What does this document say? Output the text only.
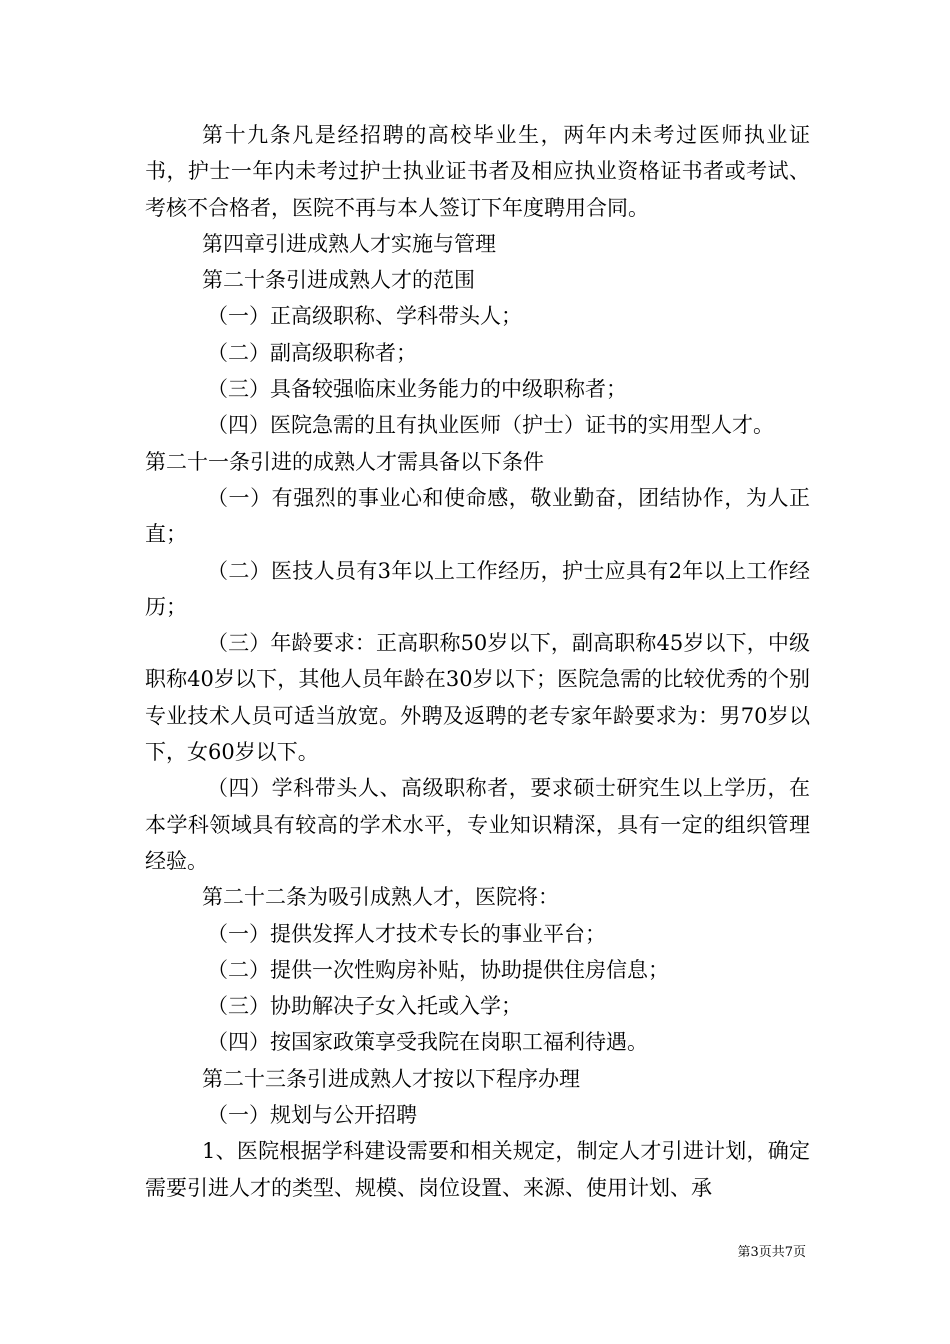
第十九条凡是经招聘的高校毕业生，两年内未考过医师执业证书，护士一年内未考过护士执业证书者及相应执业资格证书者或考试、考核不合格者，医院不再与本人签订下年度聘用合同。

第四章引进成熟人才实施与管理

第二十条引进成熟人才的范围

（一）正高级职称、学科带头人；

（二）副高级职称者；

（三）具备较强临床业务能力的中级职称者；

（四）医院急需的且有执业医师（护士）证书的实用型人才。

第二十一条引进的成熟人才需具备以下条件

（一）有强烈的事业心和使命感，敬业勤奋，团结协作，为人正直；

（二）医技人员有3年以上工作经历，护士应具有2年以上工作经历；

（三）年龄要求：正高职称50岁以下，副高职称45岁以下，中级职称40岁以下，其他人员年龄在30岁以下；医院急需的比较优秀的个别专业技术人员可适当放宽。外聘及返聘的老专家年龄要求为：男70岁以下，女60岁以下。

（四）学科带头人、高级职称者，要求硕士研究生以上学历，在本学科领域具有较高的学术水平，专业知识精深，具有一定的组织管理经验。

第二十二条为吸引成熟人才，医院将：

（一）提供发挥人才技术专长的事业平台；

（二）提供一次性购房补贴，协助提供住房信息；

（三）协助解决子女入托或入学；

（四）按国家政策享受我院在岗职工福利待遇。

第二十三条引进成熟人才按以下程序办理

（一）规划与公开招聘

1、医院根据学科建设需要和相关规定，制定人才引进计划，确定需要引进人才的类型、规模、岗位设置、来源、使用计划、承

第3页共7页
